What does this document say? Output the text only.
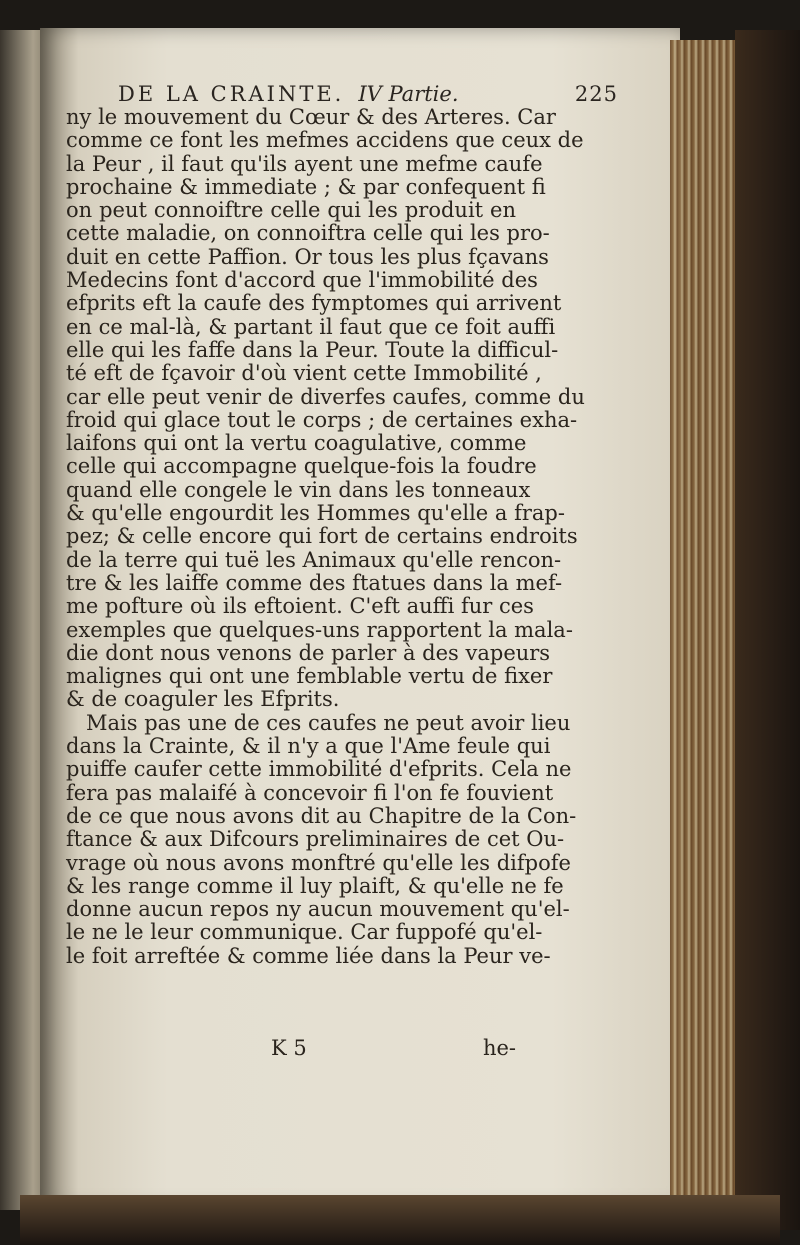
DE LA CRAINTE. IV Partie.	225
ny le mouvement du Cœur & des Arteres. Car
comme ce font les mefmes accidens que ceux de
la Peur , il faut qu'ils ayent une mefme caufe
prochaine & immediate ; & par confequent fi
on peut connoiftre celle qui les produit en
cette maladie, on connoiftra celle qui les pro-
duit en cette Paffion. Or tous les plus fçavans
Medecins font d'accord que l'immobilité des
efprits eft la caufe des fymptomes qui arrivent
en ce mal-là, & partant il faut que ce foit auffi
elle qui les faffe dans la Peur. Toute la difficul-
té eft de fçavoir d'où vient cette Immobilité ,
car elle peut venir de diverfes caufes, comme du
froid qui glace tout le corps ; de certaines exha-
laifons qui ont la vertu coagulative, comme
celle qui accompagne quelque-fois la foudre
quand elle congele le vin dans les tonneaux
& qu'elle engourdit les Hommes qu'elle a frap-
pez; & celle encore qui fort de certains endroits
de la terre qui tuë les Animaux qu'elle rencon-
tre & les laiffe comme des ftatues dans la mef-
me pofture où ils eftoient. C'eft auffi fur ces
exemples que quelques-uns rapportent la mala-
die dont nous venons de parler à des vapeurs
malignes qui ont une femblable vertu de fixer
& de coaguler les Efprits.
Mais pas une de ces caufes ne peut avoir lieu
dans la Crainte, & il n'y a que l'Ame feule qui
puiffe caufer cette immobilité d'efprits. Cela ne
fera pas malaifé à concevoir fi l'on fe fouvient
de ce que nous avons dit au Chapitre de la Con-
ftance & aux Difcours preliminaires de cet Ou-
vrage où nous avons monftré qu'elle les difpofe
& les range comme il luy plaift, & qu'elle ne fe
donne aucun repos ny aucun mouvement qu'el-
le ne le leur communique. Car fuppofé qu'el-
le foit arreftée & comme liée dans la Peur ve-
K 5	he-
